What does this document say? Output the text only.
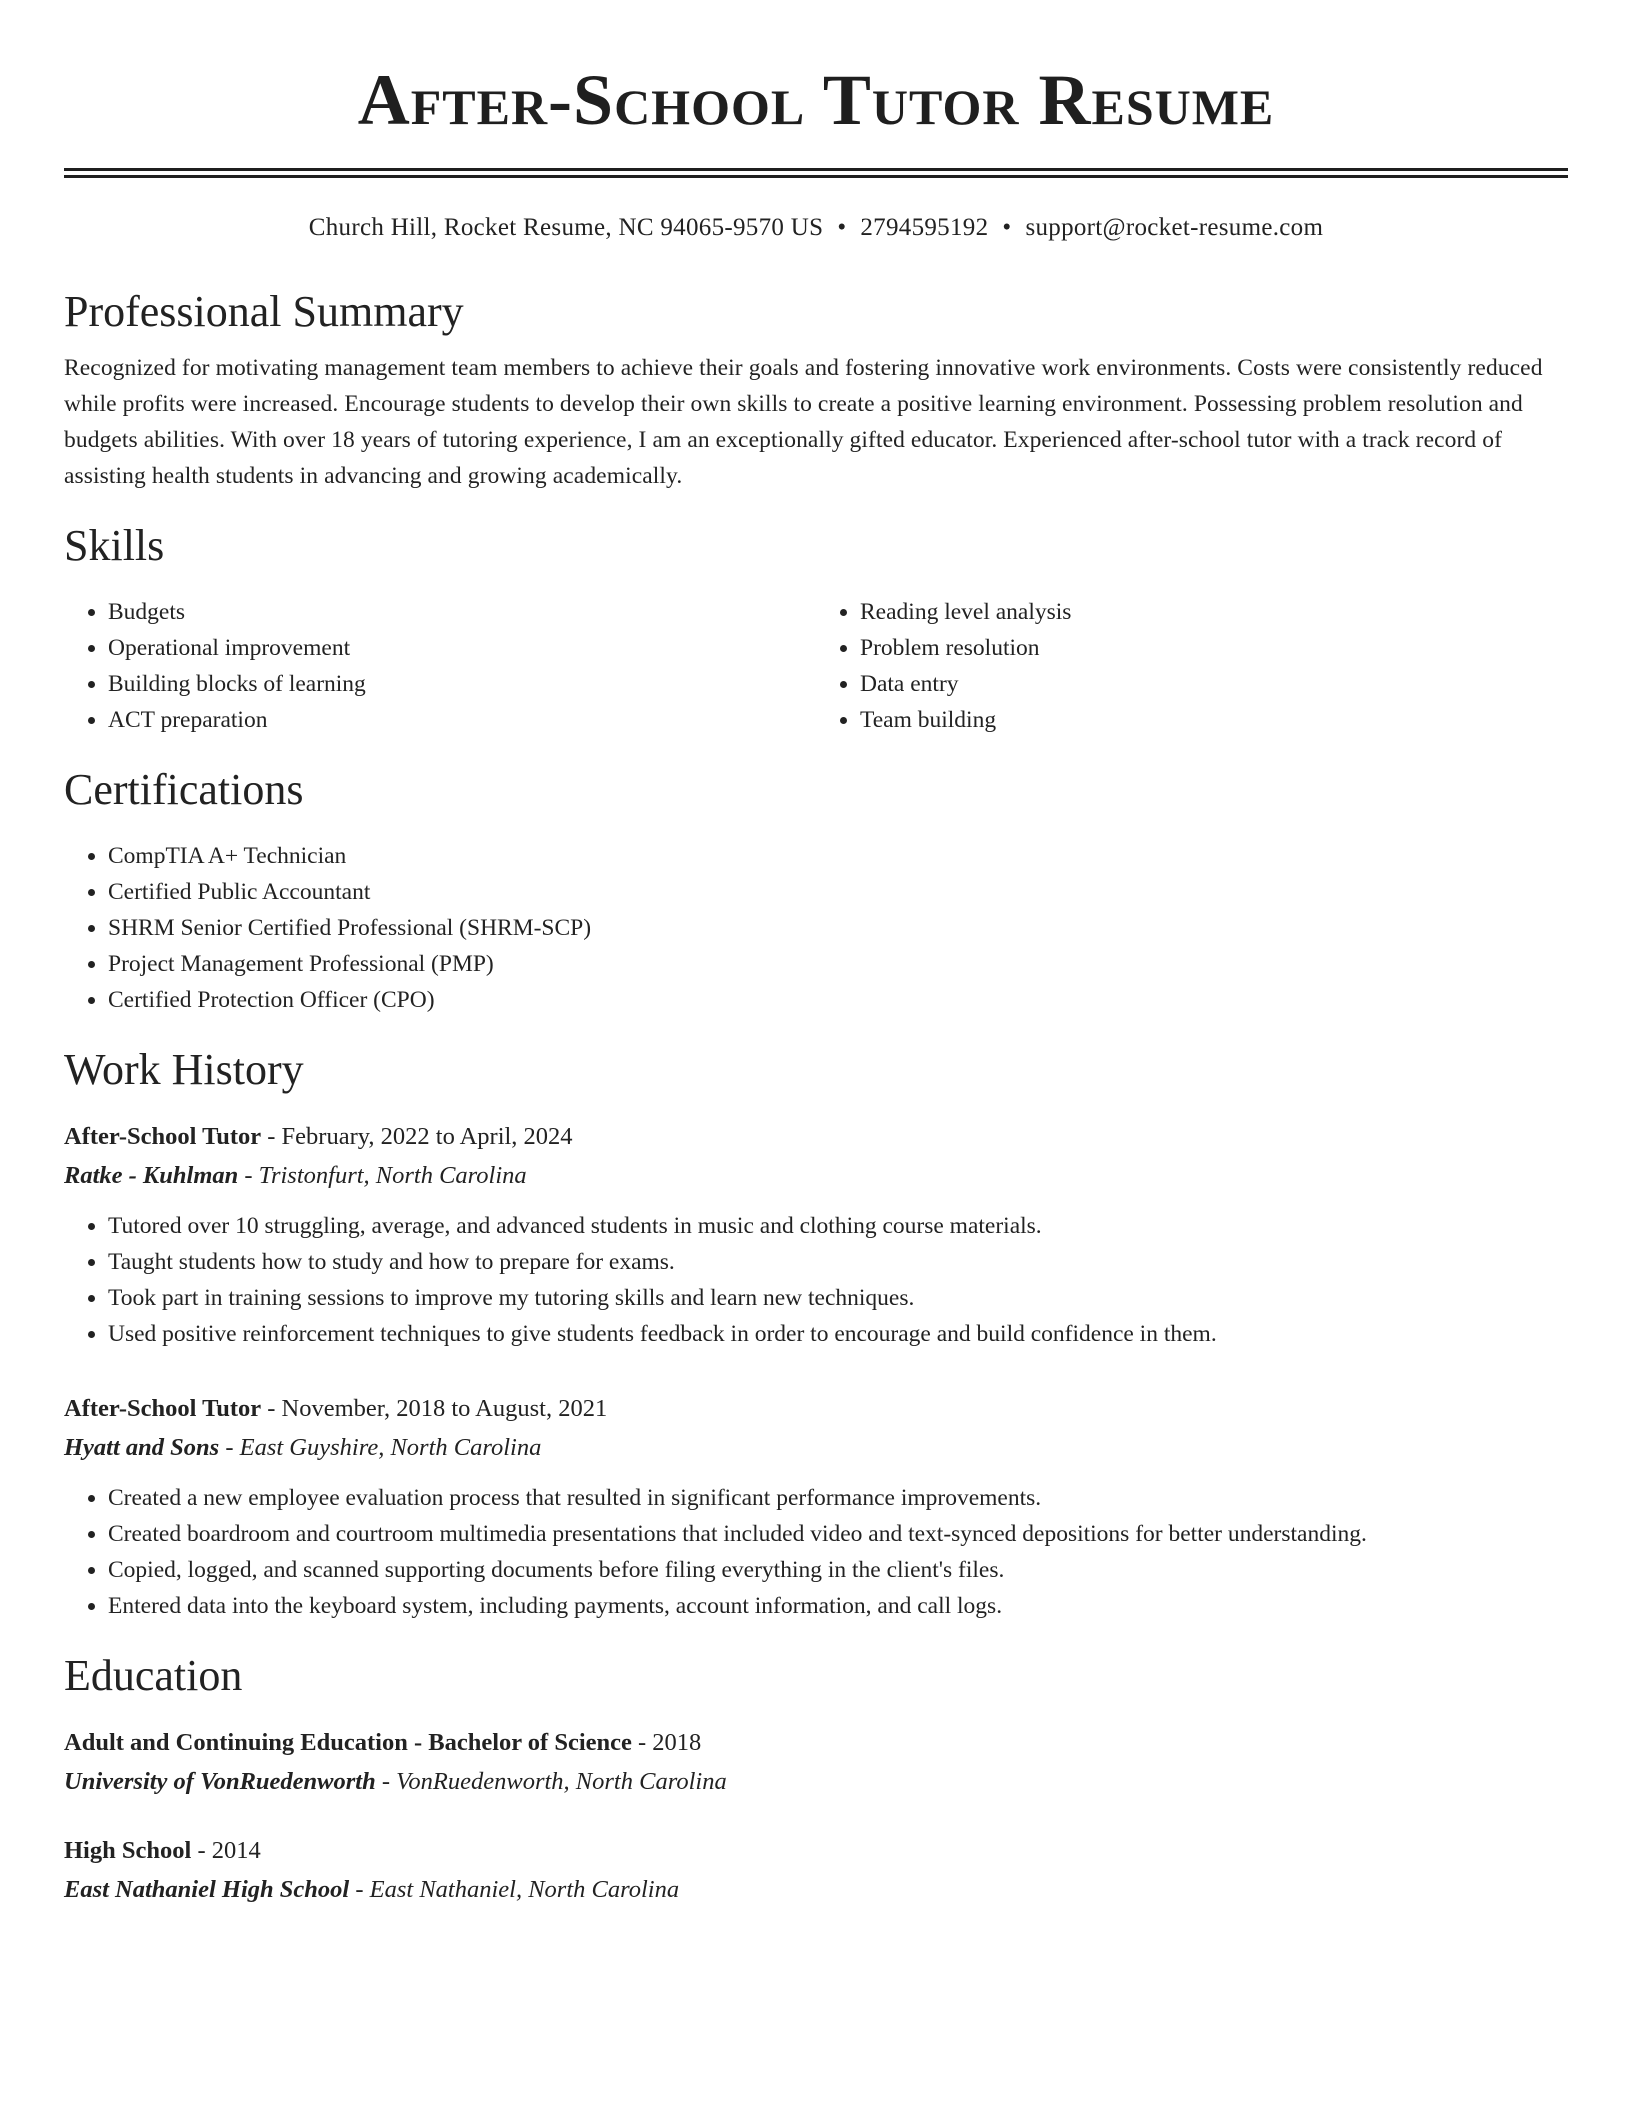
After-School Tutor Resume
Church Hill, Rocket Resume, NC 94065-9570 US • 2794595192 • support@rocket-resume.com
Professional Summary

Recognized for motivating management team members to achieve their goals and fostering innovative work environments. Costs were consistently reduced while profits were increased. Encourage students to develop their own skills to create a positive learning environment. Possessing problem resolution and budgets abilities. With over 18 years of tutoring experience, I am an exceptionally gifted educator. Experienced after-school tutor with a track record of assisting health students in advancing and growing academically.

Skills
• Budgets
• Operational improvement
• Building blocks of learning
• ACT preparation
• Reading level analysis
• Problem resolution
• Data entry
• Team building
Certifications
• CompTIA A+ Technician
• Certified Public Accountant
• SHRM Senior Certified Professional (SHRM-SCP)
• Project Management Professional (PMP)
• Certified Protection Officer (CPO)
Work History
After-School Tutor - February, 2022 to April, 2024
Ratke - Kuhlman - Tristonfurt, North Carolina
• Tutored over 10 struggling, average, and advanced students in music and clothing course materials.
• Taught students how to study and how to prepare for exams.
• Took part in training sessions to improve my tutoring skills and learn new techniques.
• Used positive reinforcement techniques to give students feedback in order to encourage and build confidence in them.
After-School Tutor - November, 2018 to August, 2021
Hyatt and Sons - East Guyshire, North Carolina
• Created a new employee evaluation process that resulted in significant performance improvements.
• Created boardroom and courtroom multimedia presentations that included video and text-synced depositions for better understanding.
• Copied, logged, and scanned supporting documents before filing everything in the client's files.
• Entered data into the keyboard system, including payments, account information, and call logs.
Education
Adult and Continuing Education - Bachelor of Science - 2018
University of VonRuedenworth - VonRuedenworth, North Carolina
High School - 2014
East Nathaniel High School - East Nathaniel, North Carolina
